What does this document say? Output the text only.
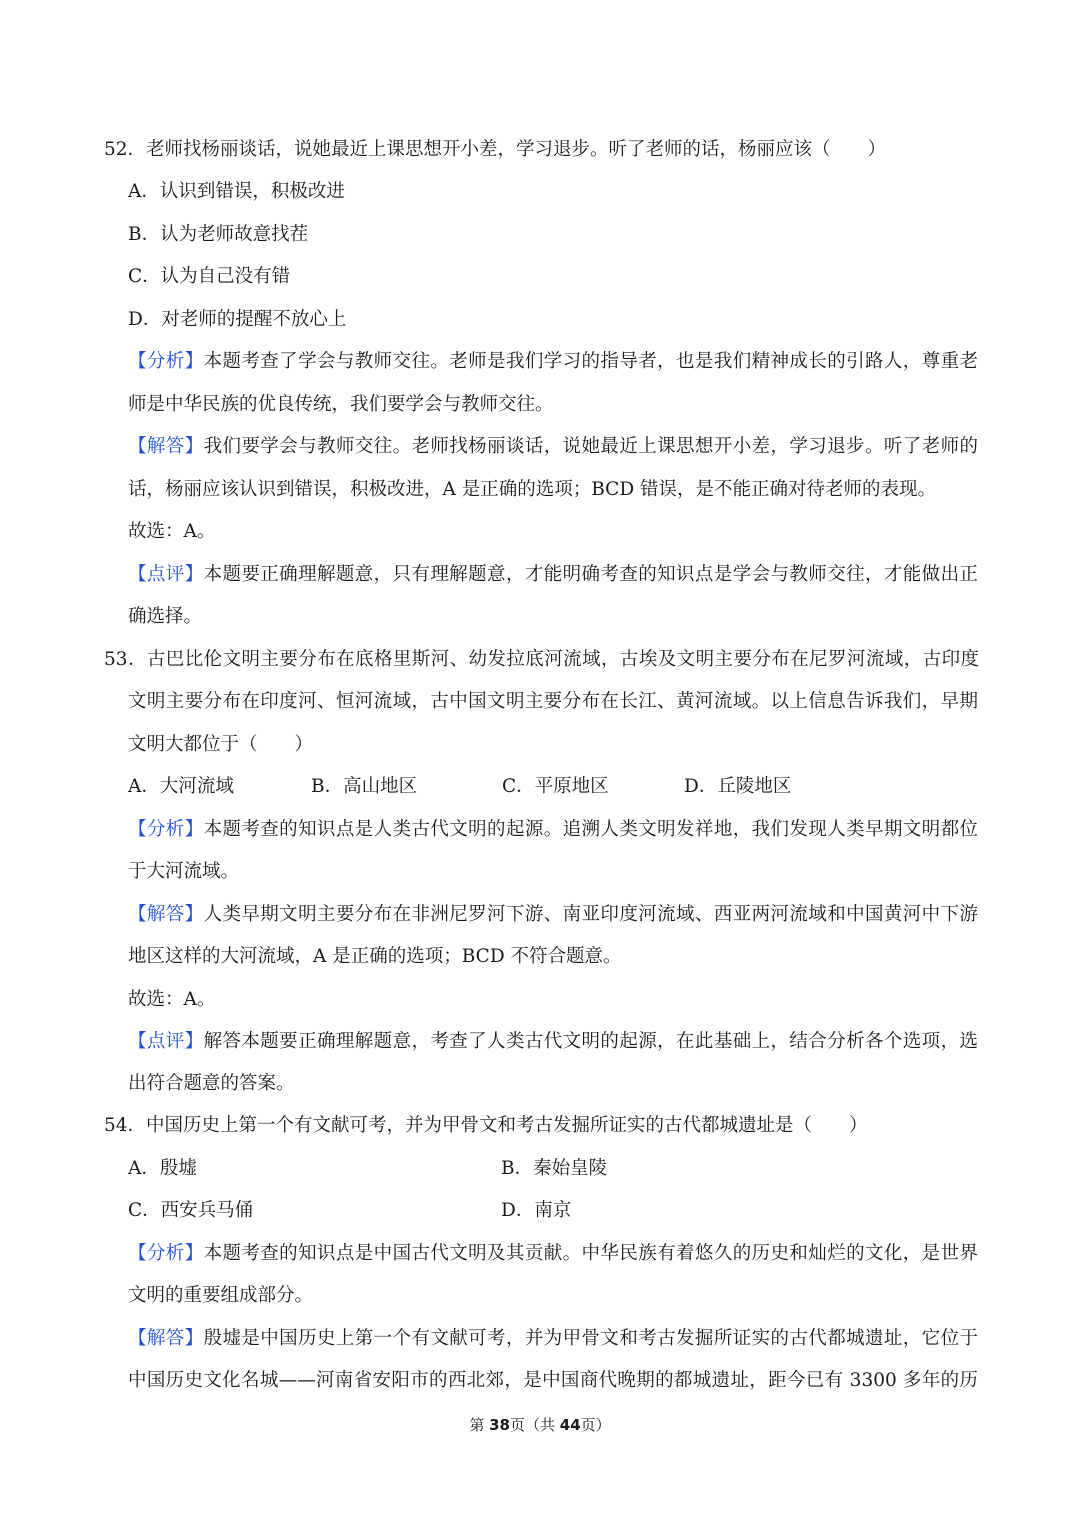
52．老师找杨丽谈话，说她最近上课思想开小差，学习退步。听了老师的话，杨丽应该（　　）
A．认识到错误，积极改进
B．认为老师故意找茬
C．认为自己没有错
D．对老师的提醒不放心上
【分析】本题考查了学会与教师交往。老师是我们学习的指导者，也是我们精神成长的引路人，尊重老
师是中华民族的优良传统，我们要学会与教师交往。
【解答】我们要学会与教师交往。老师找杨丽谈话，说她最近上课思想开小差，学习退步。听了老师的
话，杨丽应该认识到错误，积极改进，A 是正确的选项；BCD 错误，是不能正确对待老师的表现。
故选：A。
【点评】本题要正确理解题意，只有理解题意，才能明确考查的知识点是学会与教师交往，才能做出正
确选择。
53．古巴比伦文明主要分布在底格里斯河、幼发拉底河流域，古埃及文明主要分布在尼罗河流域，古印度
文明主要分布在印度河、恒河流域，古中国文明主要分布在长江、黄河流域。以上信息告诉我们，早期
文明大都位于（　　）
A．大河流域	B．高山地区	C．平原地区	D．丘陵地区
【分析】本题考查的知识点是人类古代文明的起源。追溯人类文明发祥地，我们发现人类早期文明都位
于大河流域。
【解答】人类早期文明主要分布在非洲尼罗河下游、南亚印度河流域、西亚两河流域和中国黄河中下游
地区这样的大河流域，A 是正确的选项；BCD 不符合题意。
故选：A。
【点评】解答本题要正确理解题意，考查了人类古代文明的起源，在此基础上，结合分析各个选项，选
出符合题意的答案。
54．中国历史上第一个有文献可考，并为甲骨文和考古发掘所证实的古代都城遗址是（　　）
A．殷墟	B．秦始皇陵
C．西安兵马俑	D．南京
【分析】本题考查的知识点是中国古代文明及其贡献。中华民族有着悠久的历史和灿烂的文化，是世界
文明的重要组成部分。
【解答】殷墟是中国历史上第一个有文献可考，并为甲骨文和考古发掘所证实的古代都城遗址，它位于
中国历史文化名城——河南省安阳市的西北郊，是中国商代晚期的都城遗址，距今已有 3300 多年的历
第 38页（共 44页）
